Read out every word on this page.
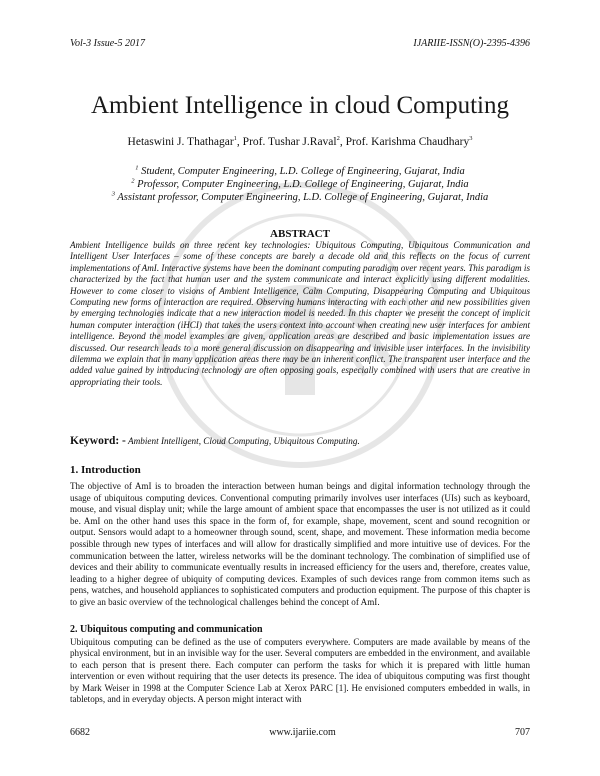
Vol-3 Issue-5 2017	IJARIIE-ISSN(O)-2395-4396
Ambient Intelligence in cloud Computing
Hetaswini J. Thathagar$^1$, Prof. Tushar J.Raval$^2$, Prof. Karishma Chaudhary$^3$
$^1$ Student, Computer Engineering, L.D. College of Engineering, Gujarat, India
$^2$ Professor, Computer Engineering, L.D. College of Engineering, Gujarat, India
$^3$ Assistant professor, Computer Engineering, L.D. College of Engineering, Gujarat, India
ABSTRACT

Ambient Intelligence builds on three recent key technologies: Ubiquitous Computing, Ubiquitous Communication and Intelligent User Interfaces – some of these concepts are barely a decade old and this reflects on the focus of current implementations of AmI. Interactive systems have been the dominant computing paradigm over recent years. This paradigm is characterized by the fact that human user and the system communicate and interact explicitly using different modalities. However to come closer to visions of Ambient Intelligence, Calm Computing, Disappearing Computing and Ubiquitous Computing new forms of interaction are required. Observing humans interacting with each other and new possibilities given by emerging technologies indicate that a new interaction model is needed. In this chapter we present the concept of implicit human computer interaction (iHCI) that takes the users context into account when creating new user interfaces for ambient intelligence. Beyond the model examples are given, application areas are described and basic implementation issues are discussed. Our research leads to a more general discussion on disappearing and invisible user interfaces. In the invisibility dilemma we explain that in many application areas there may be an inherent conflict. The transparent user interface and the added value gained by introducing technology are often opposing goals, especially combined with users that are creative in appropriating their tools.

Keyword: - Ambient Intelligent, Cloud Computing, Ubiquitous Computing.

1. Introduction

The objective of AmI is to broaden the interaction between human beings and digital information technology through the usage of ubiquitous computing devices. Conventional computing primarily involves user interfaces (UIs) such as keyboard, mouse, and visual display unit; while the large amount of ambient space that encompasses the user is not utilized as it could be. AmI on the other hand uses this space in the form of, for example, shape, movement, scent and sound recognition or output. Sensors would adapt to a homeowner through sound, scent, shape, and movement. These information media become possible through new types of interfaces and will allow for drastically simplified and more intuitive use of devices. For the communication between the latter, wireless networks will be the dominant technology. The combination of simplified use of devices and their ability to communicate eventually results in increased efficiency for the users and, therefore, creates value, leading to a higher degree of ubiquity of computing devices. Examples of such devices range from common items such as pens, watches, and household appliances to sophisticated computers and production equipment. The purpose of this chapter is to give an basic overview of the technological challenges behind the concept of AmI.

2. Ubiquitous computing and communication

Ubiquitous computing can be defined as the use of computers everywhere. Computers are made available by means of the physical environment, but in an invisible way for the user. Several computers are embedded in the environment, and available to each person that is present there. Each computer can perform the tasks for which it is prepared with little human intervention or even without requiring that the user detects its presence. The idea of ubiquitous computing was first thought by Mark Weiser in 1998 at the Computer Science Lab at Xerox PARC [1]. He envisioned computers embedded in walls, in tabletops, and in everyday objects. A person might interact with

6682	www.ijariie.com	707
